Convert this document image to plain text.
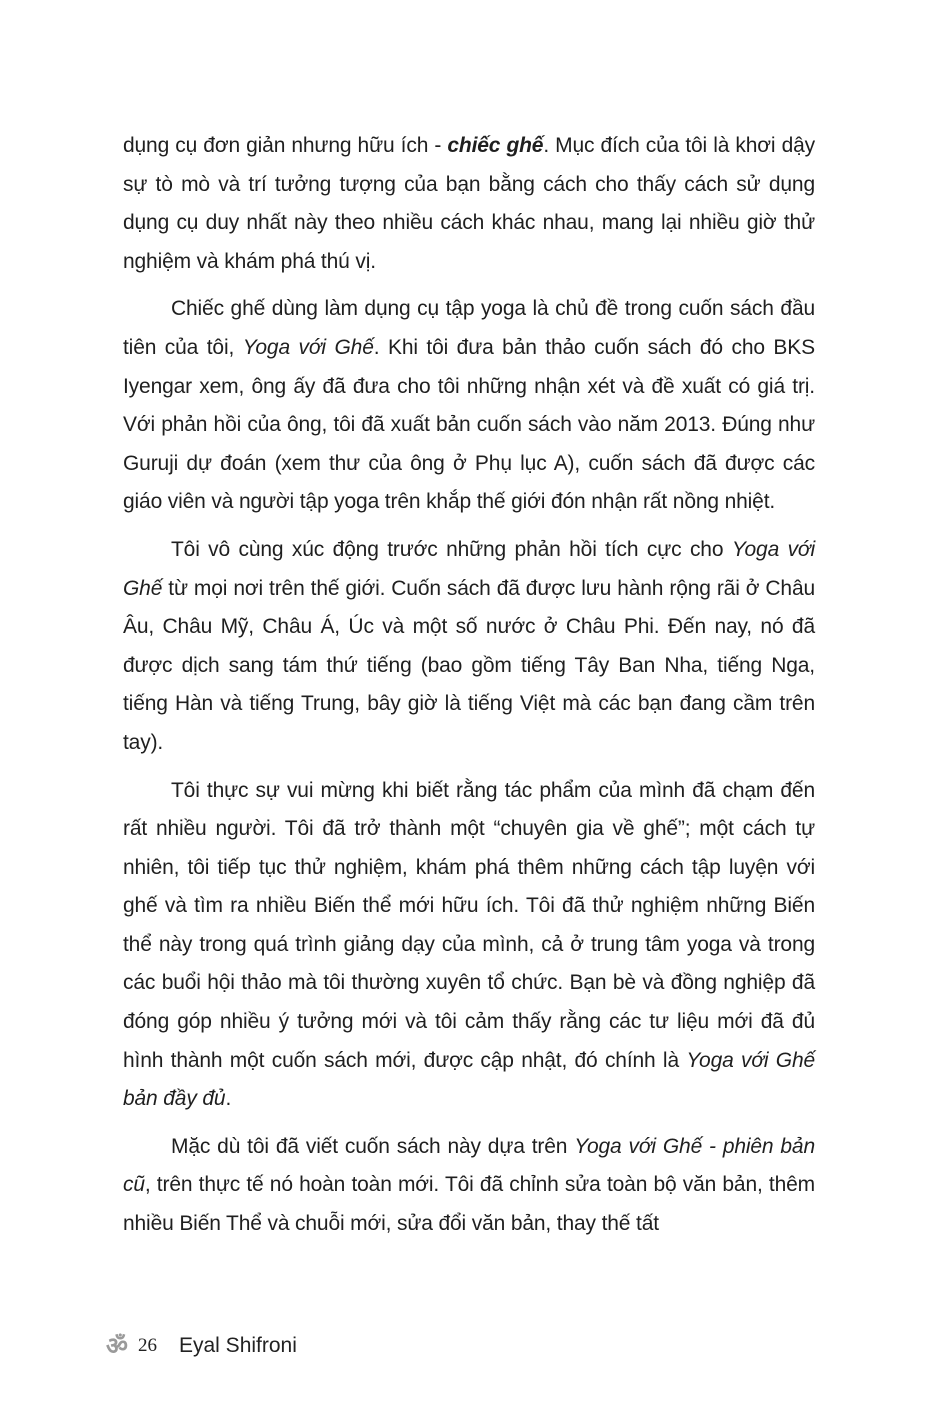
dụng cụ đơn giản nhưng hữu ích - chiếc ghế. Mục đích của tôi là khơi dậy sự tò mò và trí tưởng tượng của bạn bằng cách cho thấy cách sử dụng dụng cụ duy nhất này theo nhiều cách khác nhau, mang lại nhiều giờ thử nghiệm và khám phá thú vị.

Chiếc ghế dùng làm dụng cụ tập yoga là chủ đề trong cuốn sách đầu tiên của tôi, Yoga với Ghế. Khi tôi đưa bản thảo cuốn sách đó cho BKS Iyengar xem, ông ấy đã đưa cho tôi những nhận xét và đề xuất có giá trị. Với phản hồi của ông, tôi đã xuất bản cuốn sách vào năm 2013. Đúng như Guruji dự đoán (xem thư của ông ở Phụ lục A), cuốn sách đã được các giáo viên và người tập yoga trên khắp thế giới đón nhận rất nồng nhiệt.

Tôi vô cùng xúc động trước những phản hồi tích cực cho Yoga với Ghế từ mọi nơi trên thế giới. Cuốn sách đã được lưu hành rộng rãi ở Châu Âu, Châu Mỹ, Châu Á, Úc và một số nước ở Châu Phi. Đến nay, nó đã được dịch sang tám thứ tiếng (bao gồm tiếng Tây Ban Nha, tiếng Nga, tiếng Hàn và tiếng Trung, bây giờ là tiếng Việt mà các bạn đang cầm trên tay).

Tôi thực sự vui mừng khi biết rằng tác phẩm của mình đã chạm đến rất nhiều người. Tôi đã trở thành một “chuyên gia về ghế”; một cách tự nhiên, tôi tiếp tục thử nghiệm, khám phá thêm những cách tập luyện với ghế và tìm ra nhiều Biến thể mới hữu ích. Tôi đã thử nghiệm những Biến thể này trong quá trình giảng dạy của mình, cả ở trung tâm yoga và trong các buổi hội thảo mà tôi thường xuyên tổ chức. Bạn bè và đồng nghiệp đã đóng góp nhiều ý tưởng mới và tôi cảm thấy rằng các tư liệu mới đã đủ hình thành một cuốn sách mới, được cập nhật, đó chính là Yoga với Ghế bản đầy đủ.

Mặc dù tôi đã viết cuốn sách này dựa trên Yoga với Ghế - phiên bản cũ, trên thực tế nó hoàn toàn mới. Tôi đã chỉnh sửa toàn bộ văn bản, thêm nhiều Biến Thể và chuỗi mới, sửa đổi văn bản, thay thế tất

ॐ 26 Eyal Shifroni
